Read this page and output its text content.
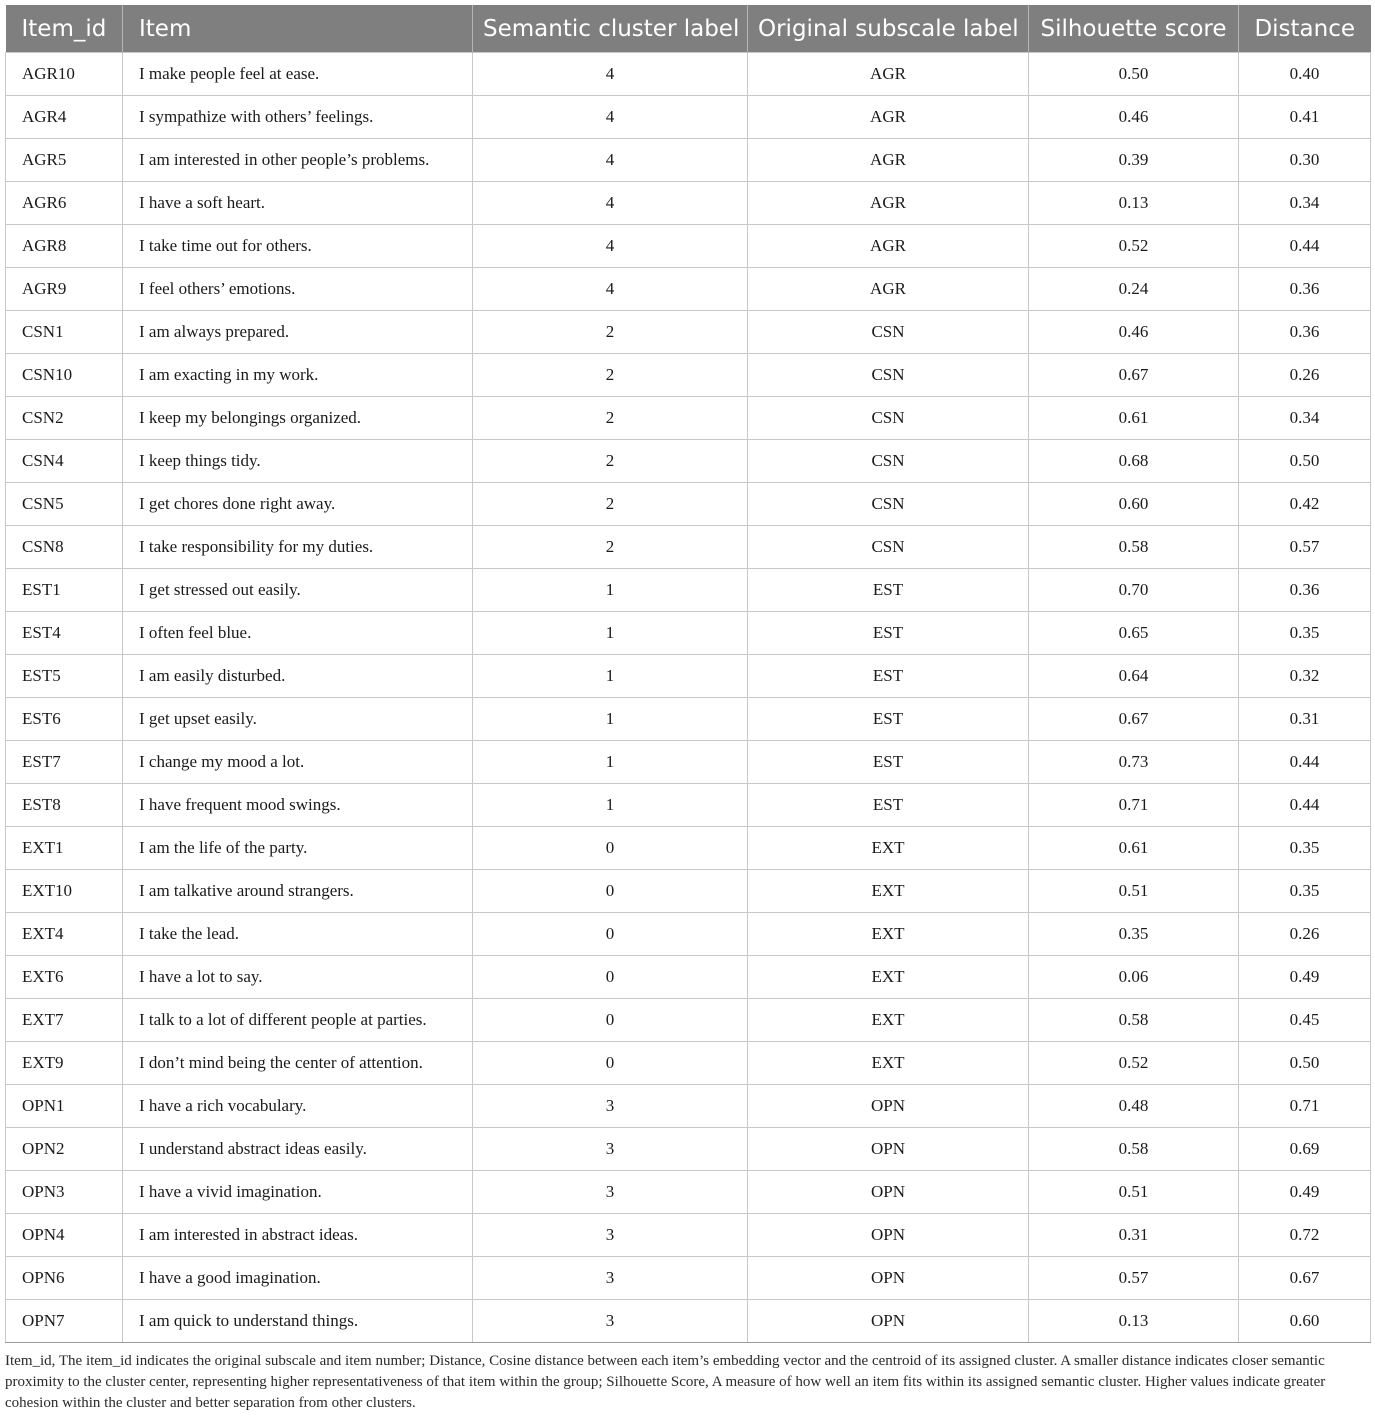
Item_id	Item	Semantic cluster label	Original subscale label	Silhouette score	Distance
AGR10	I make people feel at ease.	4	AGR	0.50	0.40
AGR4	I sympathize with others’ feelings.	4	AGR	0.46	0.41
AGR5	I am interested in other people’s problems.	4	AGR	0.39	0.30
AGR6	I have a soft heart.	4	AGR	0.13	0.34
AGR8	I take time out for others.	4	AGR	0.52	0.44
AGR9	I feel others’ emotions.	4	AGR	0.24	0.36
CSN1	I am always prepared.	2	CSN	0.46	0.36
CSN10	I am exacting in my work.	2	CSN	0.67	0.26
CSN2	I keep my belongings organized.	2	CSN	0.61	0.34
CSN4	I keep things tidy.	2	CSN	0.68	0.50
CSN5	I get chores done right away.	2	CSN	0.60	0.42
CSN8	I take responsibility for my duties.	2	CSN	0.58	0.57
EST1	I get stressed out easily.	1	EST	0.70	0.36
EST4	I often feel blue.	1	EST	0.65	0.35
EST5	I am easily disturbed.	1	EST	0.64	0.32
EST6	I get upset easily.	1	EST	0.67	0.31
EST7	I change my mood a lot.	1	EST	0.73	0.44
EST8	I have frequent mood swings.	1	EST	0.71	0.44
EXT1	I am the life of the party.	0	EXT	0.61	0.35
EXT10	I am talkative around strangers.	0	EXT	0.51	0.35
EXT4	I take the lead.	0	EXT	0.35	0.26
EXT6	I have a lot to say.	0	EXT	0.06	0.49
EXT7	I talk to a lot of different people at parties.	0	EXT	0.58	0.45
EXT9	I don’t mind being the center of attention.	0	EXT	0.52	0.50
OPN1	I have a rich vocabulary.	3	OPN	0.48	0.71
OPN2	I understand abstract ideas easily.	3	OPN	0.58	0.69
OPN3	I have a vivid imagination.	3	OPN	0.51	0.49
OPN4	I am interested in abstract ideas.	3	OPN	0.31	0.72
OPN6	I have a good imagination.	3	OPN	0.57	0.67
OPN7	I am quick to understand things.	3	OPN	0.13	0.60
Item_id, The item_id indicates the original subscale and item number; Distance, Cosine distance between each item’s embedding vector and the centroid of its assigned cluster. A smaller distance indicates closer semantic proximity to the cluster center, representing higher representativeness of that item within the group; Silhouette Score, A measure of how well an item fits within its assigned semantic cluster. Higher values indicate greater cohesion within the cluster and better separation from other clusters.
